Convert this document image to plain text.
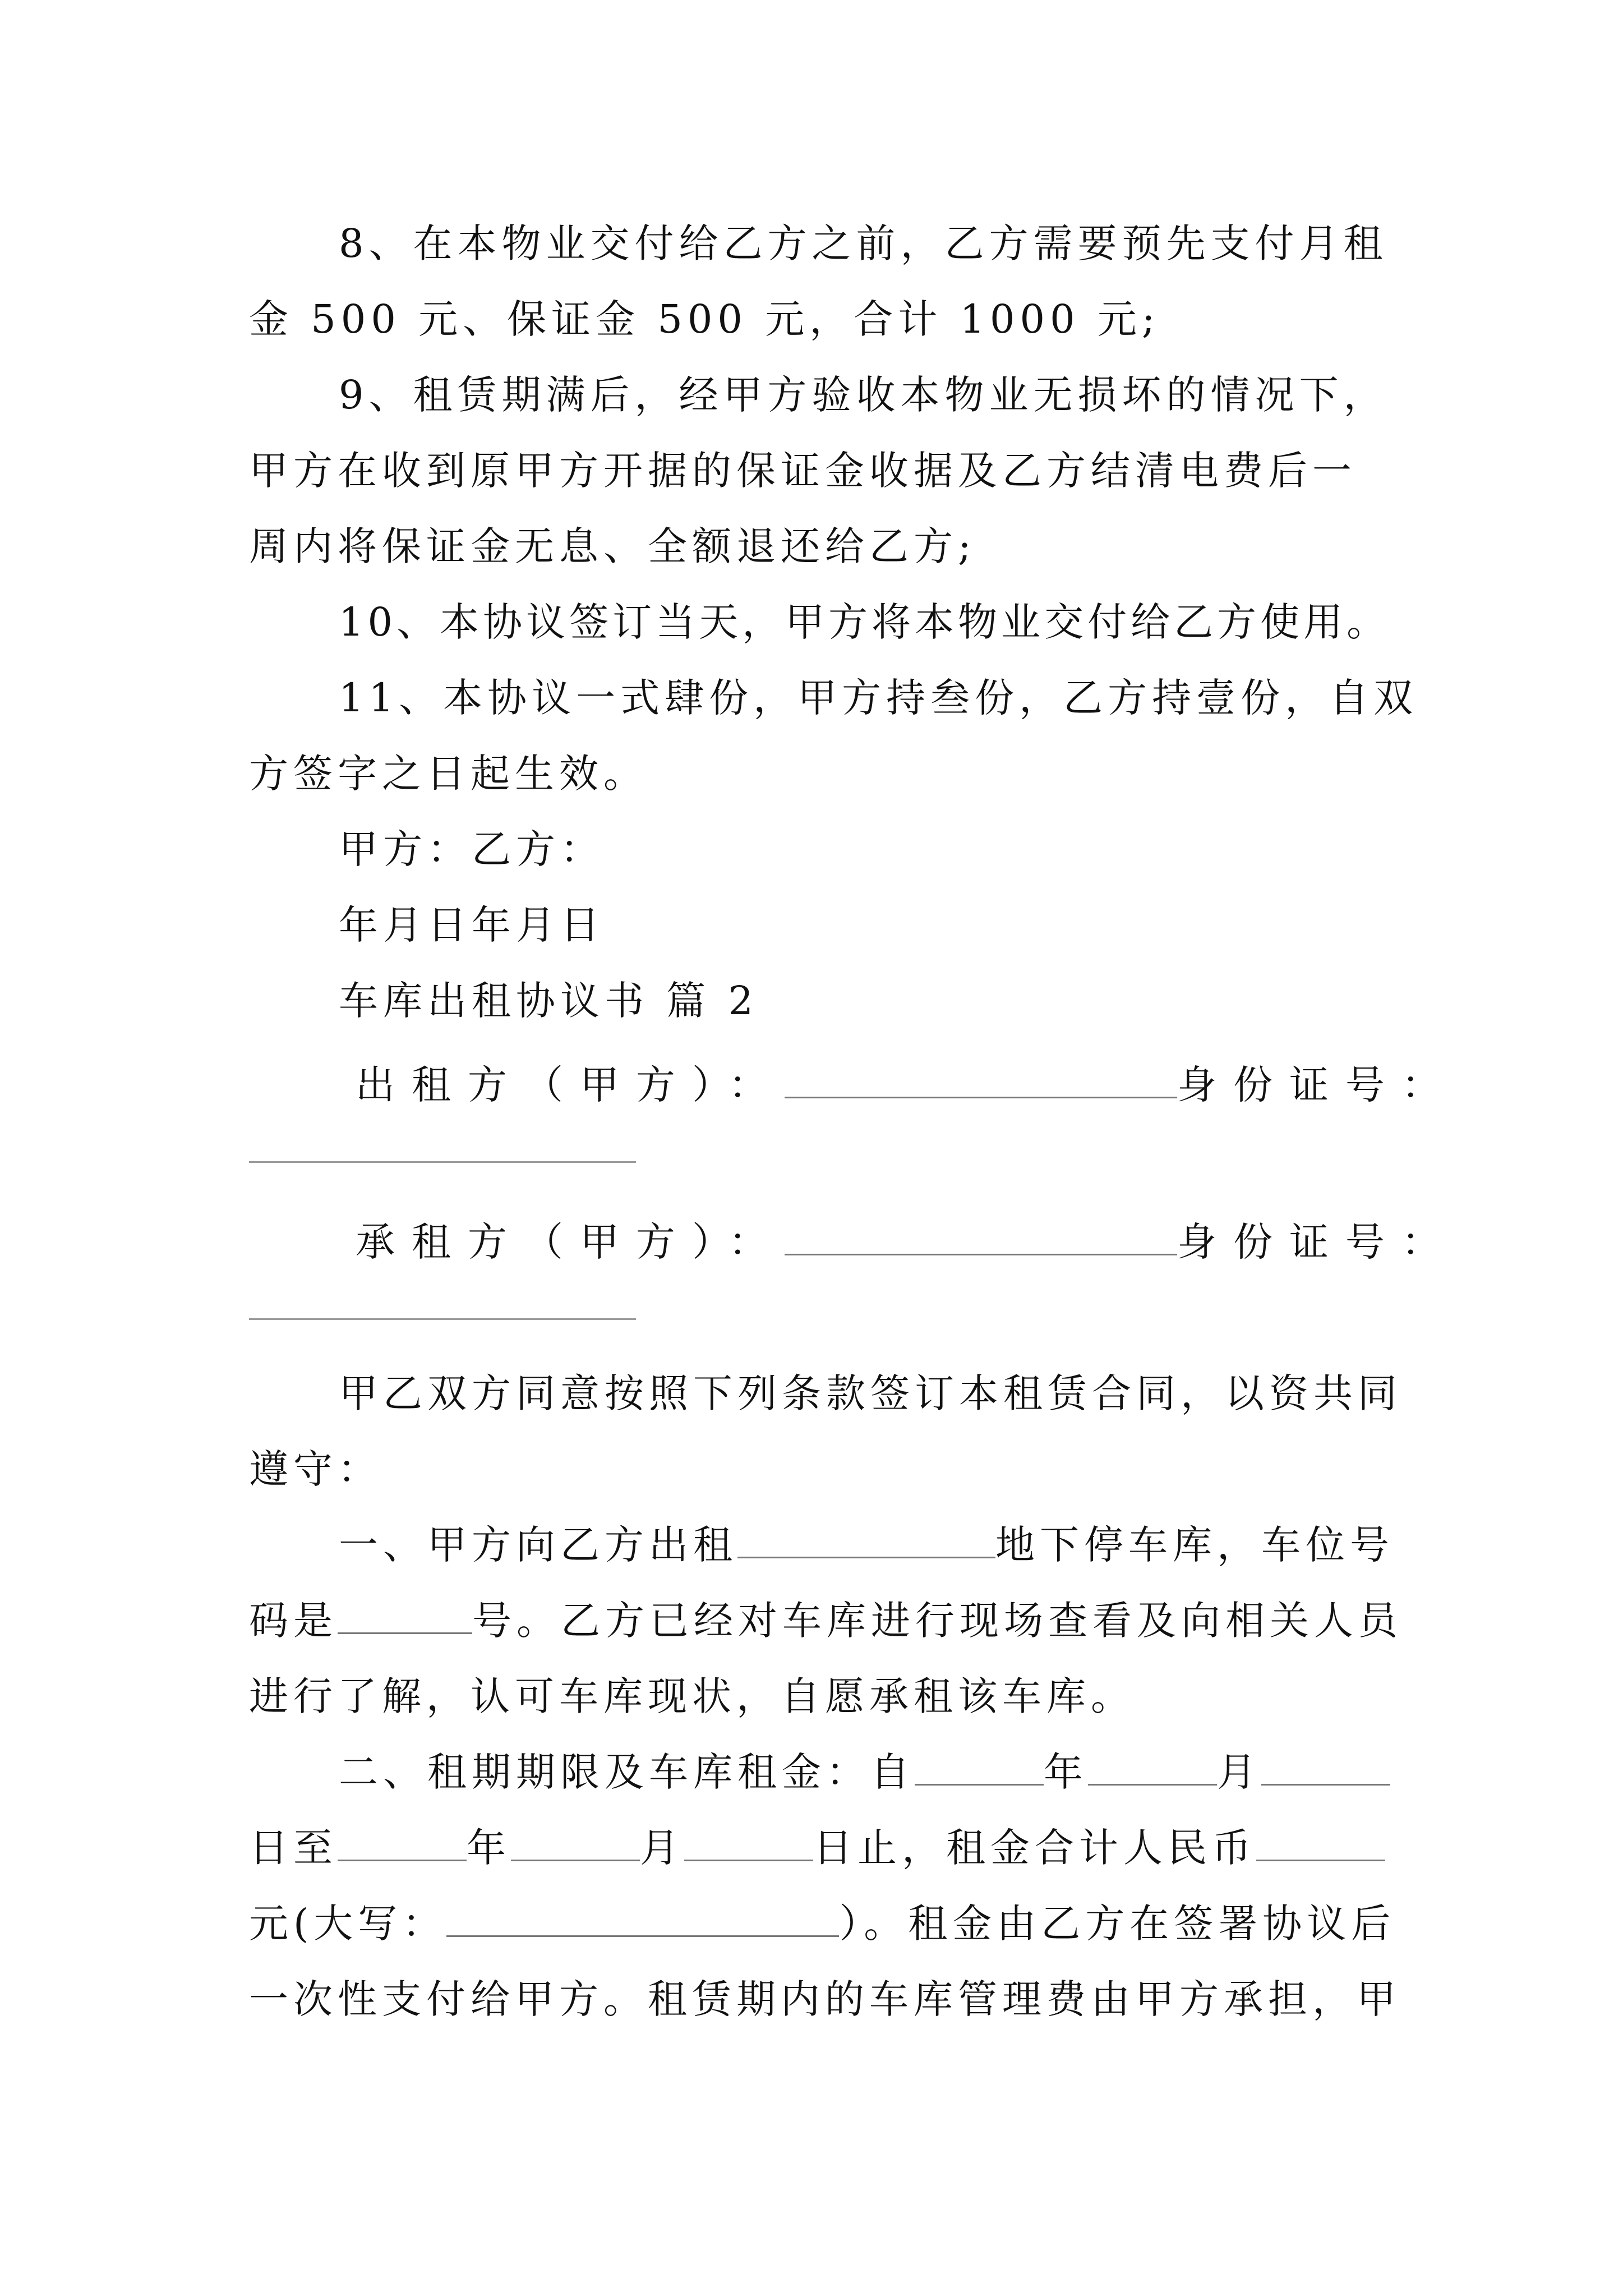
8、在本物业交付给乙方之前，乙方需要预先支付月租

金 500 元、保证金 500 元，合计 1000 元;

9、租赁期满后，经甲方验收本物业无损坏的情况下，

甲方在收到原甲方开据的保证金收据及乙方结清电费后一

周内将保证金无息、全额退还给乙方;

10、本协议签订当天，甲方将本物业交付给乙方使用。

11、本协议一式肆份，甲方持叁份，乙方持壹份，自双

方签字之日起生效。

甲方：乙方：

年月日年月日

车库出租协议书 篇 2

出租方（甲方）：	身份证号：

承租方（甲方）：	身份证号：

甲乙双方同意按照下列条款签订本租赁合同，以资共同

遵守：

一、甲方向乙方出租	地下停车库，车位号

码是	号。乙方已经对车库进行现场查看及向相关人员

进行了解，认可车库现状，自愿承租该车库。

二、租期期限及车库租金：自	年	月

日至	年	月	日止，租金合计人民币

元(大写：	）。租金由乙方在签署协议后

一次性支付给甲方。租赁期内的车库管理费由甲方承担，甲
